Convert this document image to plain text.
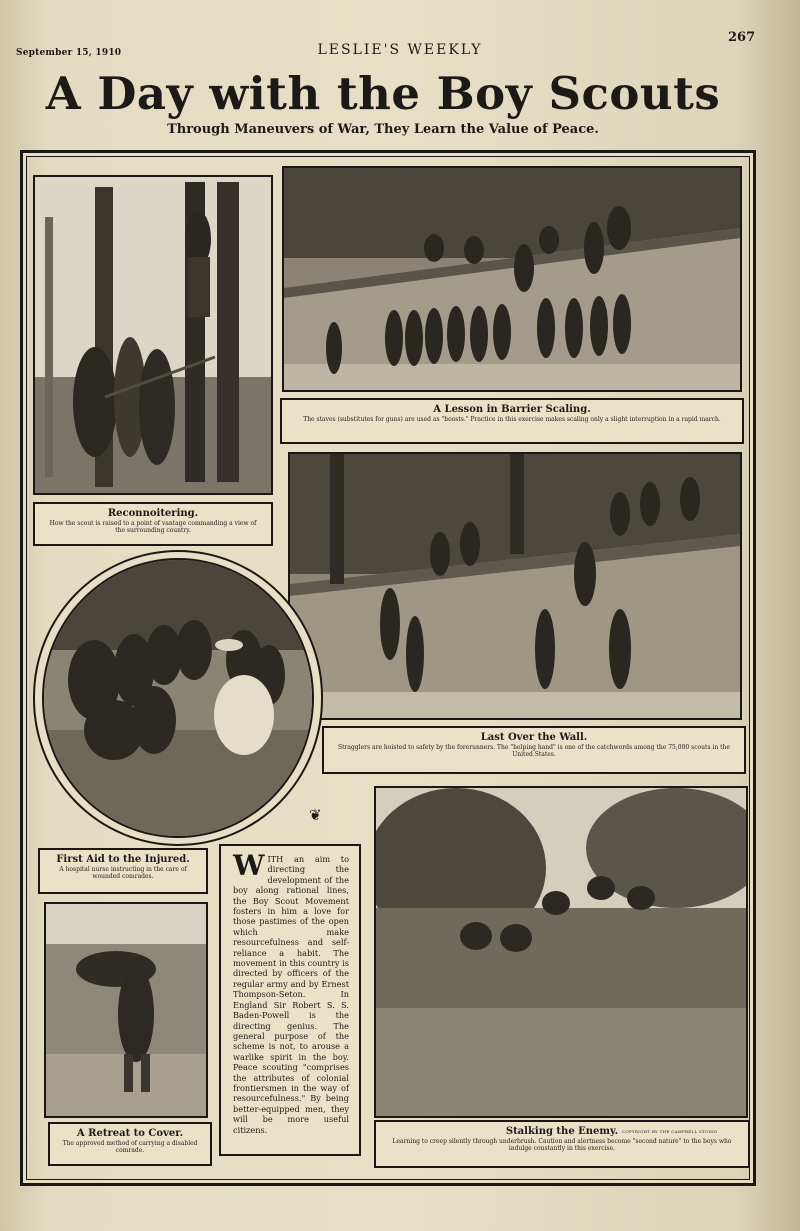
September 15, 1910	LESLIE'S WEEKLY
267
A Day with the Boy Scouts
Through Maneuvers of War, They Learn the Value of Peace.
Reconnoitering.
How the scout is raised to a point of vantage commanding a view of the surrounding country.
A Lesson in Barrier Scaling.
The staves (substitutes for guns) are used as "boosts." Practice in this exercise makes scaling only a slight interruption in a rapid march.
Last Over the Wall.
Stragglers are hoisted to safety by the forerunners. The "helping hand" is one of the catchwords among the 75,000 scouts in the United States.
First Aid to the Injured.
A hospital nurse instructing in the care of wounded comrades.
A Retreat to Cover.
The approved method of carrying a disabled comrade.
❦
WITH an aim to directing the development of the boy along rational lines, the Boy Scout Movement fosters in him a love for those pastimes of the open which make resourcefulness and self-reliance a habit. The movement in this country is directed by officers of the regular army and by Ernest Thompson-Seton. In England Sir Robert S. S. Baden-Powell is the directing genius. The general purpose of the scheme is not, to arouse a warlike spirit in the boy. Peace scouting "comprises the attributes of colonial frontiersmen in the way of resourcefulness." By being better-equipped men, they will be more useful citizens.	Stalking the Enemy.
Learning to creep silently through underbrush. Caution and alertness become "second nature" to the boys who indulge constantly in this exercise.
COPYRIGHT BY THE CAMPBELL STUDIO
